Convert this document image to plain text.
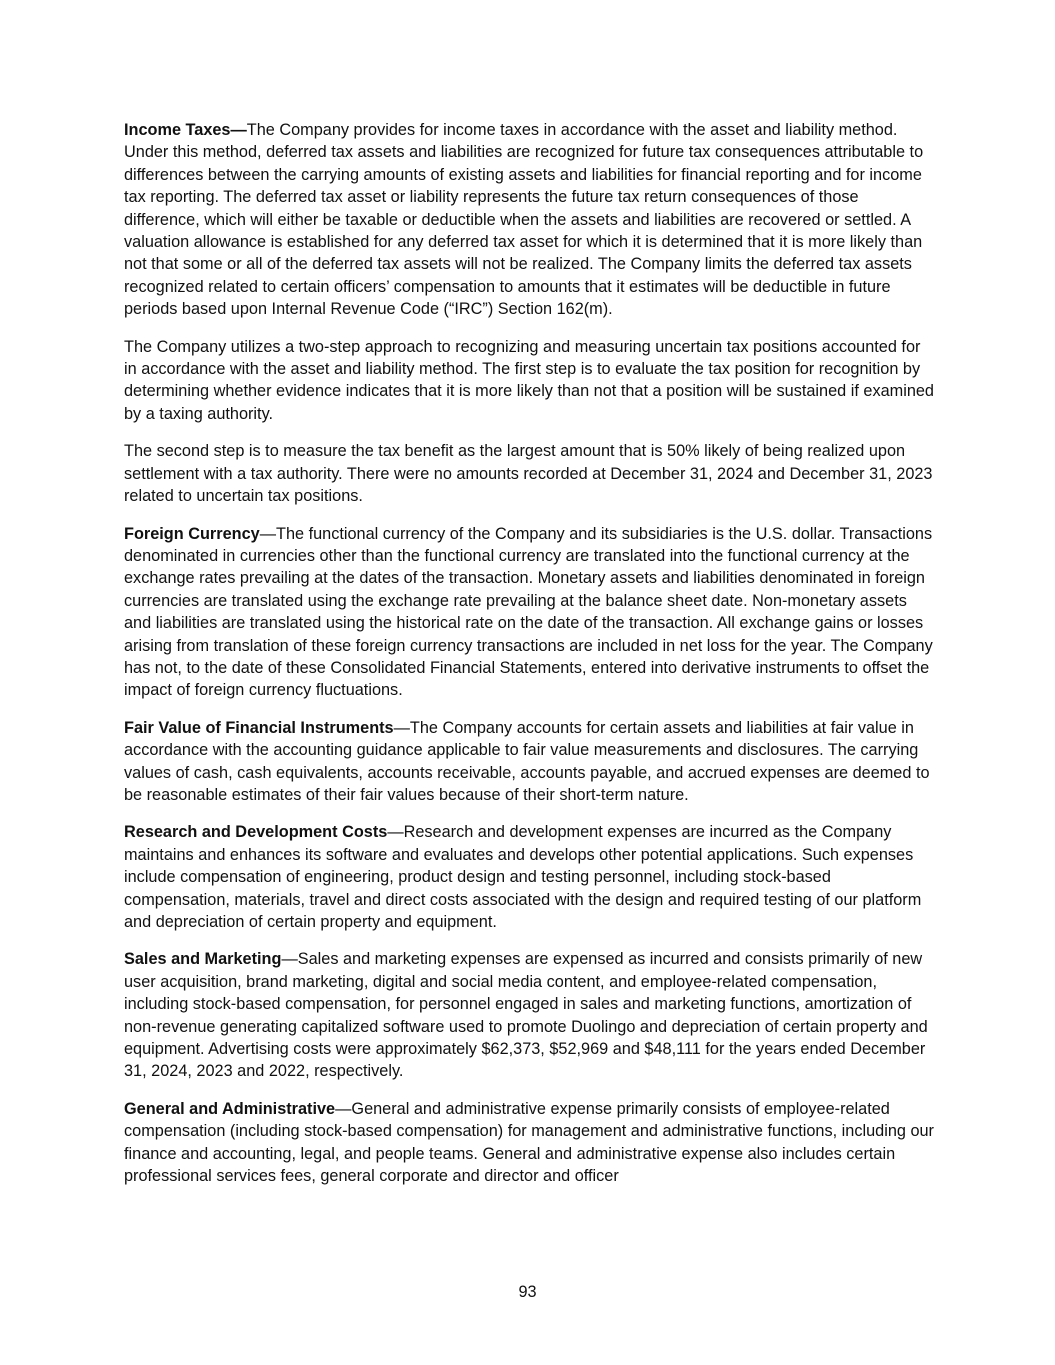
Income Taxes—The Company provides for income taxes in accordance with the asset and liability method. Under this method, deferred tax assets and liabilities are recognized for future tax consequences attributable to differences between the carrying amounts of existing assets and liabilities for financial reporting and for income tax reporting. The deferred tax asset or liability represents the future tax return consequences of those difference, which will either be taxable or deductible when the assets and liabilities are recovered or settled. A valuation allowance is established for any deferred tax asset for which it is determined that it is more likely than not that some or all of the deferred tax assets will not be realized. The Company limits the deferred tax assets recognized related to certain officers’ compensation to amounts that it estimates will be deductible in future periods based upon Internal Revenue Code (“IRC”) Section 162(m).

The Company utilizes a two-step approach to recognizing and measuring uncertain tax positions accounted for in accordance with the asset and liability method. The first step is to evaluate the tax position for recognition by determining whether evidence indicates that it is more likely than not that a position will be sustained if examined by a taxing authority.

The second step is to measure the tax benefit as the largest amount that is 50% likely of being realized upon settlement with a tax authority. There were no amounts recorded at December 31, 2024 and December 31, 2023 related to uncertain tax positions.

Foreign Currency—The functional currency of the Company and its subsidiaries is the U.S. dollar. Transactions denominated in currencies other than the functional currency are translated into the functional currency at the exchange rates prevailing at the dates of the transaction. Monetary assets and liabilities denominated in foreign currencies are translated using the exchange rate prevailing at the balance sheet date. Non-monetary assets and liabilities are translated using the historical rate on the date of the transaction. All exchange gains or losses arising from translation of these foreign currency transactions are included in net loss for the year. The Company has not, to the date of these Consolidated Financial Statements, entered into derivative instruments to offset the impact of foreign currency fluctuations.

Fair Value of Financial Instruments—The Company accounts for certain assets and liabilities at fair value in accordance with the accounting guidance applicable to fair value measurements and disclosures. The carrying values of cash, cash equivalents, accounts receivable, accounts payable, and accrued expenses are deemed to be reasonable estimates of their fair values because of their short-term nature.

Research and Development Costs—Research and development expenses are incurred as the Company maintains and enhances its software and evaluates and develops other potential applications. Such expenses include compensation of engineering, product design and testing personnel, including stock-based compensation, materials, travel and direct costs associated with the design and required testing of our platform and depreciation of certain property and equipment.

Sales and Marketing—Sales and marketing expenses are expensed as incurred and consists primarily of new user acquisition, brand marketing, digital and social media content, and employee-related compensation, including stock-based compensation, for personnel engaged in sales and marketing functions, amortization of non-revenue generating capitalized software used to promote Duolingo and depreciation of certain property and equipment. Advertising costs were approximately $62,373, $52,969 and $48,111 for the years ended December 31, 2024, 2023 and 2022, respectively.

General and Administrative—General and administrative expense primarily consists of employee-related compensation (including stock-based compensation) for management and administrative functions, including our finance and accounting, legal, and people teams. General and administrative expense also includes certain professional services fees, general corporate and director and officer

93
